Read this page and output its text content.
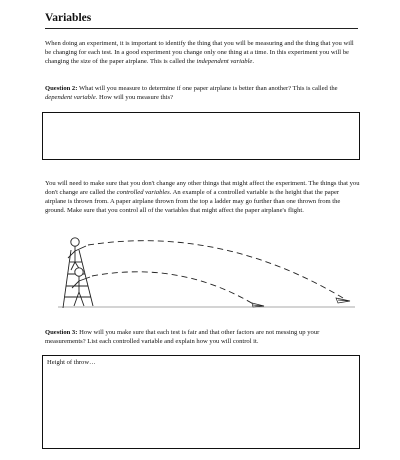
Variables
When doing an experiment, it is important to identify the thing that you will be measuring and the thing that you will be changing for each test. In a good experiment you change only one thing at a time. In this experiment you will be changing the size of the paper airplane. This is called the independent variable.
Question 2: What will you measure to determine if one paper airplane is better than another? This is called the dependent variable. How will you measure this?
You will need to make sure that you don't change any other things that might affect the experiment. The things that you don't change are called the controlled variables. An example of a controlled variable is the height that the paper airplane is thrown from. A paper airplane thrown from the top a ladder may go further than one thrown from the ground. Make sure that you control all of the variables that might affect the paper airplane's flight.
Question 3: How will you make sure that each test is fair and that other factors are not messing up your measurements? List each controlled variable and explain how you will control it.
Height of throw…
